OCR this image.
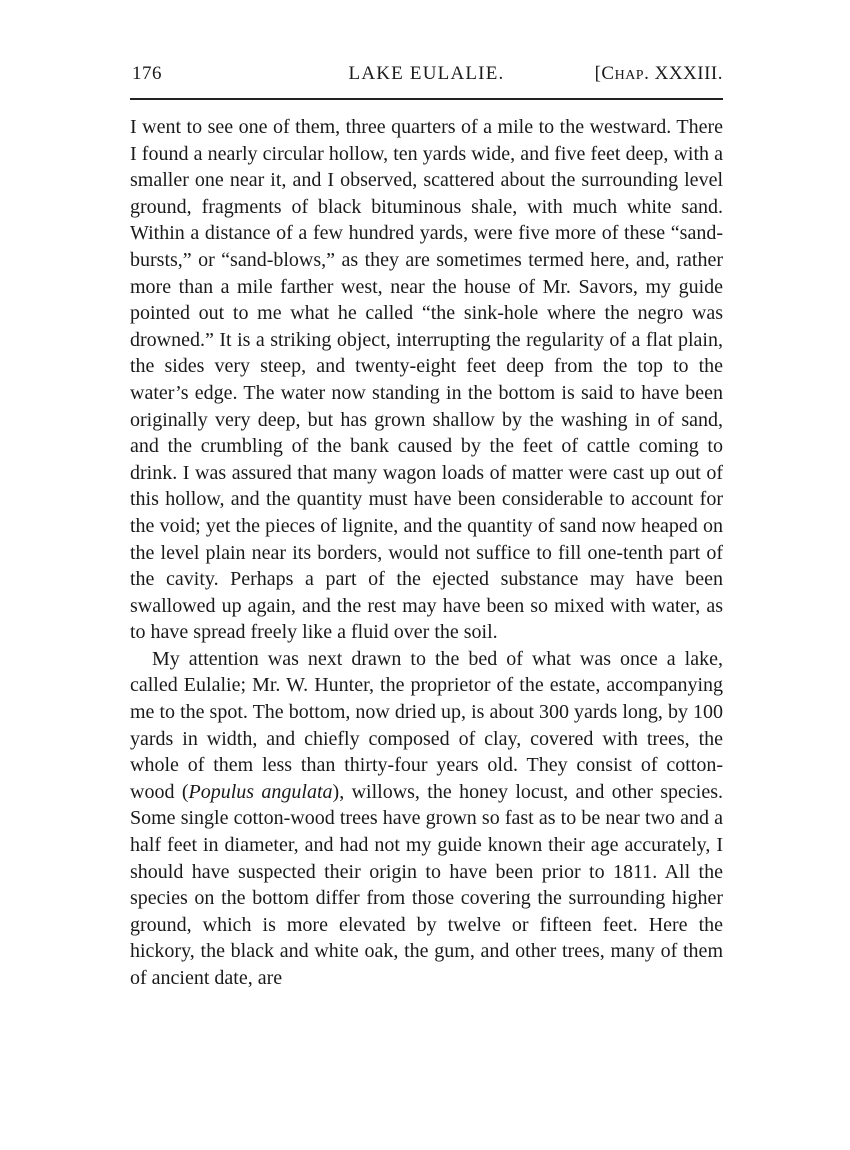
176	LAKE EULALIE.	[CHAP. XXXIII.

I went to see one of them, three quarters of a mile to the westward. There I found a nearly circular hollow, ten yards wide, and five feet deep, with a smaller one near it, and I observed, scattered about the surrounding level ground, fragments of black bituminous shale, with much white sand. Within a distance of a few hundred yards, were five more of these “sand-bursts,” or “sand-blows,” as they are sometimes termed here, and, rather more than a mile farther west, near the house of Mr. Savors, my guide pointed out to me what he called “the sink-hole where the negro was drowned.” It is a striking object, interrupting the regularity of a flat plain, the sides very steep, and twenty-eight feet deep from the top to the water’s edge. The water now standing in the bottom is said to have been originally very deep, but has grown shallow by the washing in of sand, and the crumbling of the bank caused by the feet of cattle coming to drink. I was assured that many wagon loads of matter were cast up out of this hollow, and the quantity must have been considerable to account for the void; yet the pieces of lignite, and the quantity of sand now heaped on the level plain near its borders, would not suffice to fill one-tenth part of the cavity. Perhaps a part of the ejected substance may have been swallowed up again, and the rest may have been so mixed with water, as to have spread freely like a fluid over the soil.

My attention was next drawn to the bed of what was once a lake, called Eulalie; Mr. W. Hunter, the proprietor of the estate, accompanying me to the spot. The bottom, now dried up, is about 300 yards long, by 100 yards in width, and chiefly composed of clay, covered with trees, the whole of them less than thirty-four years old. They consist of cotton-wood (Populus angulata), willows, the honey locust, and other species. Some single cotton-wood trees have grown so fast as to be near two and a half feet in diameter, and had not my guide known their age accurately, I should have suspected their origin to have been prior to 1811. All the species on the bottom differ from those covering the surrounding higher ground, which is more elevated by twelve or fifteen feet. Here the hickory, the black and white oak, the gum, and other trees, many of them of ancient date, are
